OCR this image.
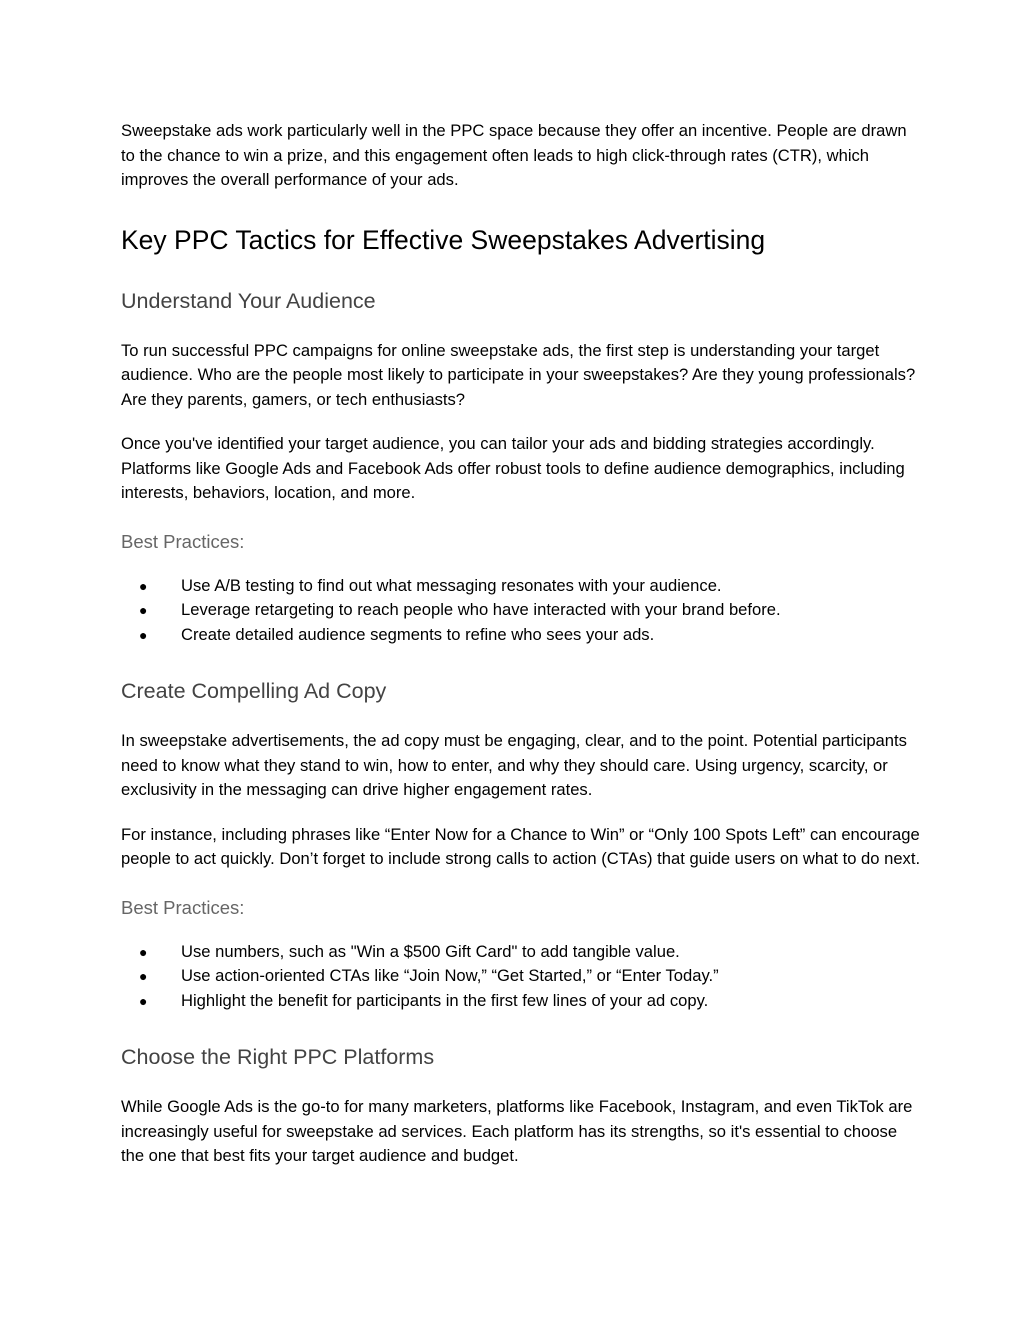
Sweepstake ads work particularly well in the PPC space because they offer an incentive. People are drawn to the chance to win a prize, and this engagement often leads to high click-through rates (CTR), which improves the overall performance of your ads.

Key PPC Tactics for Effective Sweepstakes Advertising
Understand Your Audience

To run successful PPC campaigns for online sweepstake ads, the first step is understanding your target audience. Who are the people most likely to participate in your sweepstakes? Are they young professionals? Are they parents, gamers, or tech enthusiasts?

Once you've identified your target audience, you can tailor your ads and bidding strategies accordingly. Platforms like Google Ads and Facebook Ads offer robust tools to define audience demographics, including interests, behaviors, location, and more.

Best Practices:
● Use A/B testing to find out what messaging resonates with your audience.
● Leverage retargeting to reach people who have interacted with your brand before.
● Create detailed audience segments to refine who sees your ads.
Create Compelling Ad Copy

In sweepstake advertisements, the ad copy must be engaging, clear, and to the point. Potential participants need to know what they stand to win, how to enter, and why they should care. Using urgency, scarcity, or exclusivity in the messaging can drive higher engagement rates.

For instance, including phrases like “Enter Now for a Chance to Win” or “Only 100 Spots Left” can encourage people to act quickly. Don’t forget to include strong calls to action (CTAs) that guide users on what to do next.

Best Practices:
● Use numbers, such as "Win a $500 Gift Card" to add tangible value.
● Use action-oriented CTAs like “Join Now,” “Get Started,” or “Enter Today.”
● Highlight the benefit for participants in the first few lines of your ad copy.
Choose the Right PPC Platforms

While Google Ads is the go-to for many marketers, platforms like Facebook, Instagram, and even TikTok are increasingly useful for sweepstake ad services. Each platform has its strengths, so it's essential to choose the one that best fits your target audience and budget.
